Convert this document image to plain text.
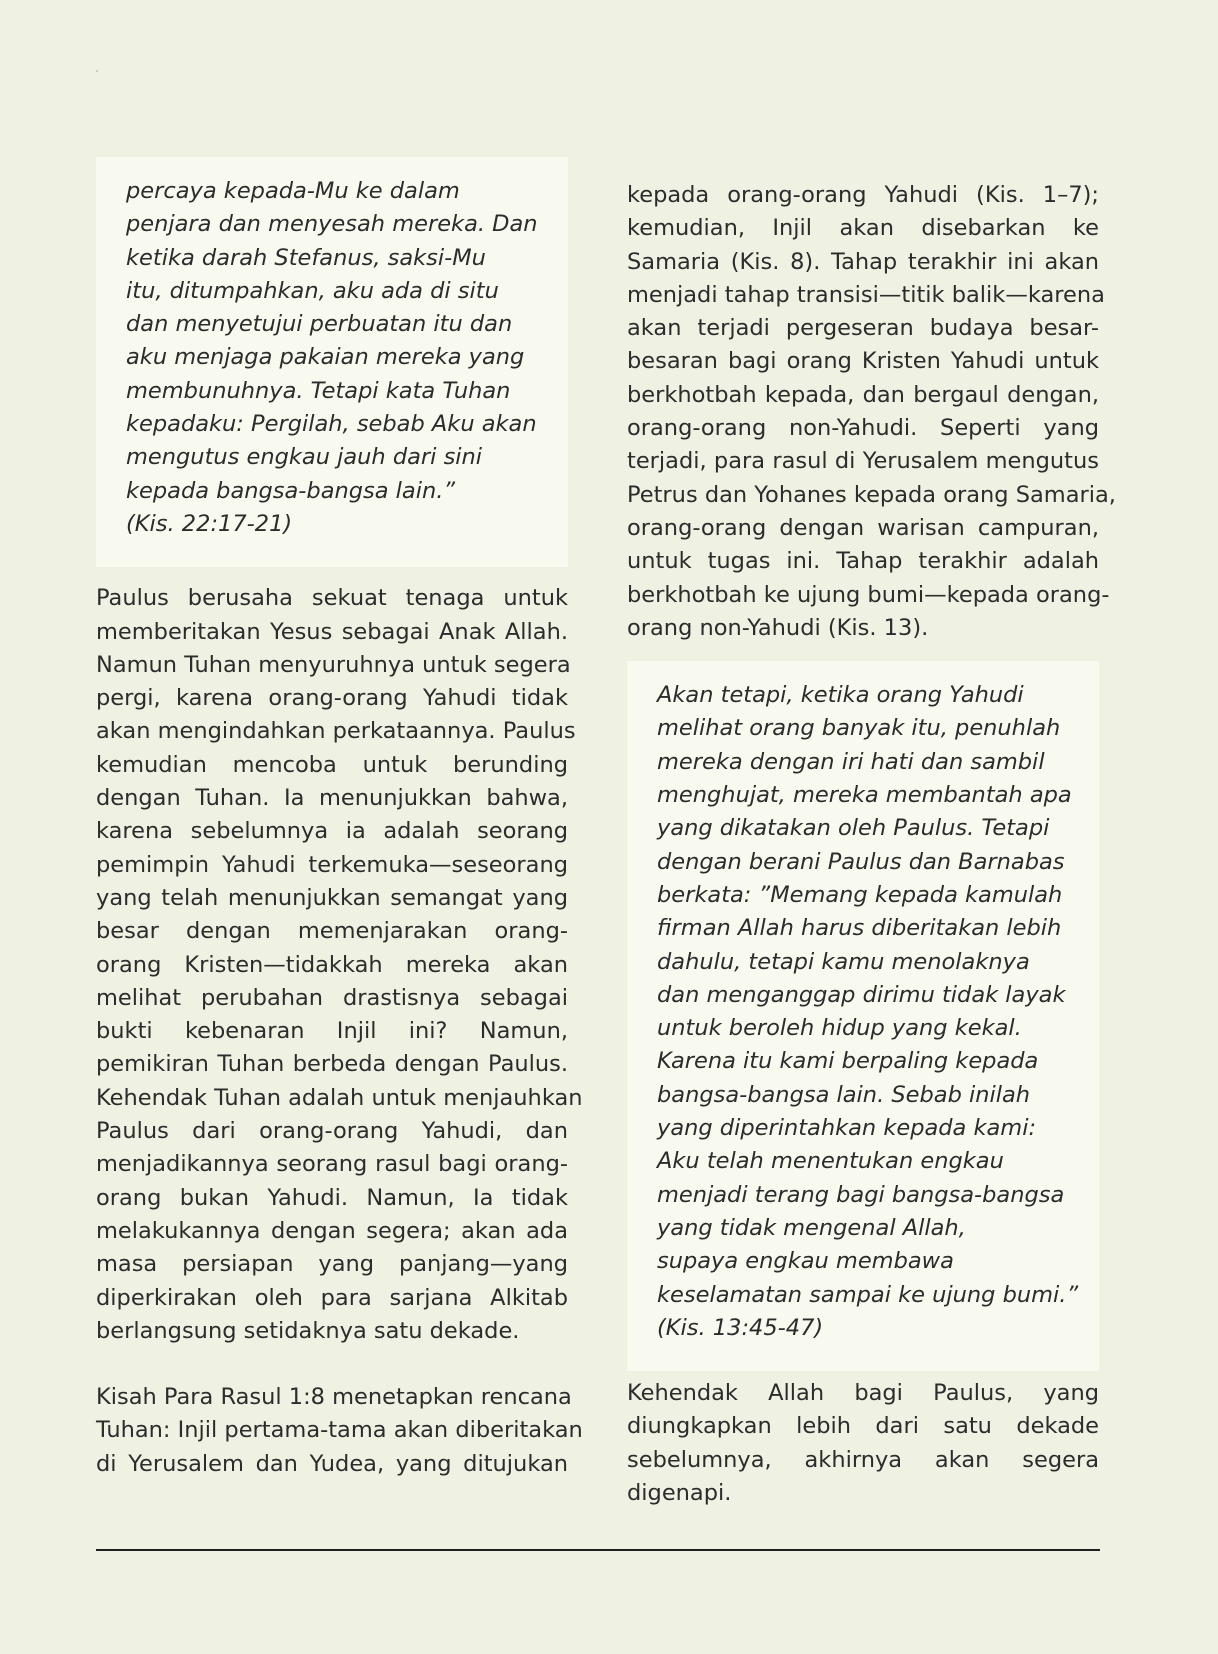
percaya kepada-Mu ke dalam
penjara dan menyesah mereka. Dan
ketika darah Stefanus, saksi-Mu
itu, ditumpahkan, aku ada di situ
dan menyetujui perbuatan itu dan
aku menjaga pakaian mereka yang
membunuhnya. Tetapi kata Tuhan
kepadaku: Pergilah, sebab Aku akan
mengutus engkau jauh dari sini
kepada bangsa-bangsa lain.”
(Kis. 22:17-21)
Paulus berusaha sekuat tenaga untuk
memberitakan Yesus sebagai Anak Allah.
Namun Tuhan menyuruhnya untuk segera
pergi, karena orang-orang Yahudi tidak
akan mengindahkan perkataannya. Paulus
kemudian mencoba untuk berunding
dengan Tuhan. Ia menunjukkan bahwa,
karena sebelumnya ia adalah seorang
pemimpin Yahudi terkemuka—seseorang
yang telah menunjukkan semangat yang
besar dengan memenjarakan orang-
orang Kristen—tidakkah mereka akan
melihat perubahan drastisnya sebagai
bukti kebenaran Injil ini? Namun,
pemikiran Tuhan berbeda dengan Paulus.
Kehendak Tuhan adalah untuk menjauhkan
Paulus dari orang-orang Yahudi, dan
menjadikannya seorang rasul bagi orang-
orang bukan Yahudi. Namun, Ia tidak
melakukannya dengan segera; akan ada
masa persiapan yang panjang—yang
diperkirakan oleh para sarjana Alkitab
berlangsung setidaknya satu dekade.
Kisah Para Rasul 1:8 menetapkan rencana
Tuhan: Injil pertama-tama akan diberitakan
di Yerusalem dan Yudea, yang ditujukan
kepada orang-orang Yahudi (Kis. 1–7);
kemudian, Injil akan disebarkan ke
Samaria (Kis. 8). Tahap terakhir ini akan
menjadi tahap transisi—titik balik—karena
akan terjadi pergeseran budaya besar-
besaran bagi orang Kristen Yahudi untuk
berkhotbah kepada, dan bergaul dengan,
orang-orang non-Yahudi. Seperti yang
terjadi, para rasul di Yerusalem mengutus
Petrus dan Yohanes kepada orang Samaria,
orang-orang dengan warisan campuran,
untuk tugas ini. Tahap terakhir adalah
berkhotbah ke ujung bumi—kepada orang-
orang non-Yahudi (Kis. 13).
Akan tetapi, ketika orang Yahudi
melihat orang banyak itu, penuhlah
mereka dengan iri hati dan sambil
menghujat, mereka membantah apa
yang dikatakan oleh Paulus. Tetapi
dengan berani Paulus dan Barnabas
berkata: ”Memang kepada kamulah
firman Allah harus diberitakan lebih
dahulu, tetapi kamu menolaknya
dan menganggap dirimu tidak layak
untuk beroleh hidup yang kekal.
Karena itu kami berpaling kepada
bangsa-bangsa lain. Sebab inilah
yang diperintahkan kepada kami:
Aku telah menentukan engkau
menjadi terang bagi bangsa-bangsa
yang tidak mengenal Allah,
supaya engkau membawa
keselamatan sampai ke ujung bumi.”
(Kis. 13:45-47)
Kehendak Allah bagi Paulus, yang
diungkapkan lebih dari satu dekade
sebelumnya, akhirnya akan segera
digenapi.
